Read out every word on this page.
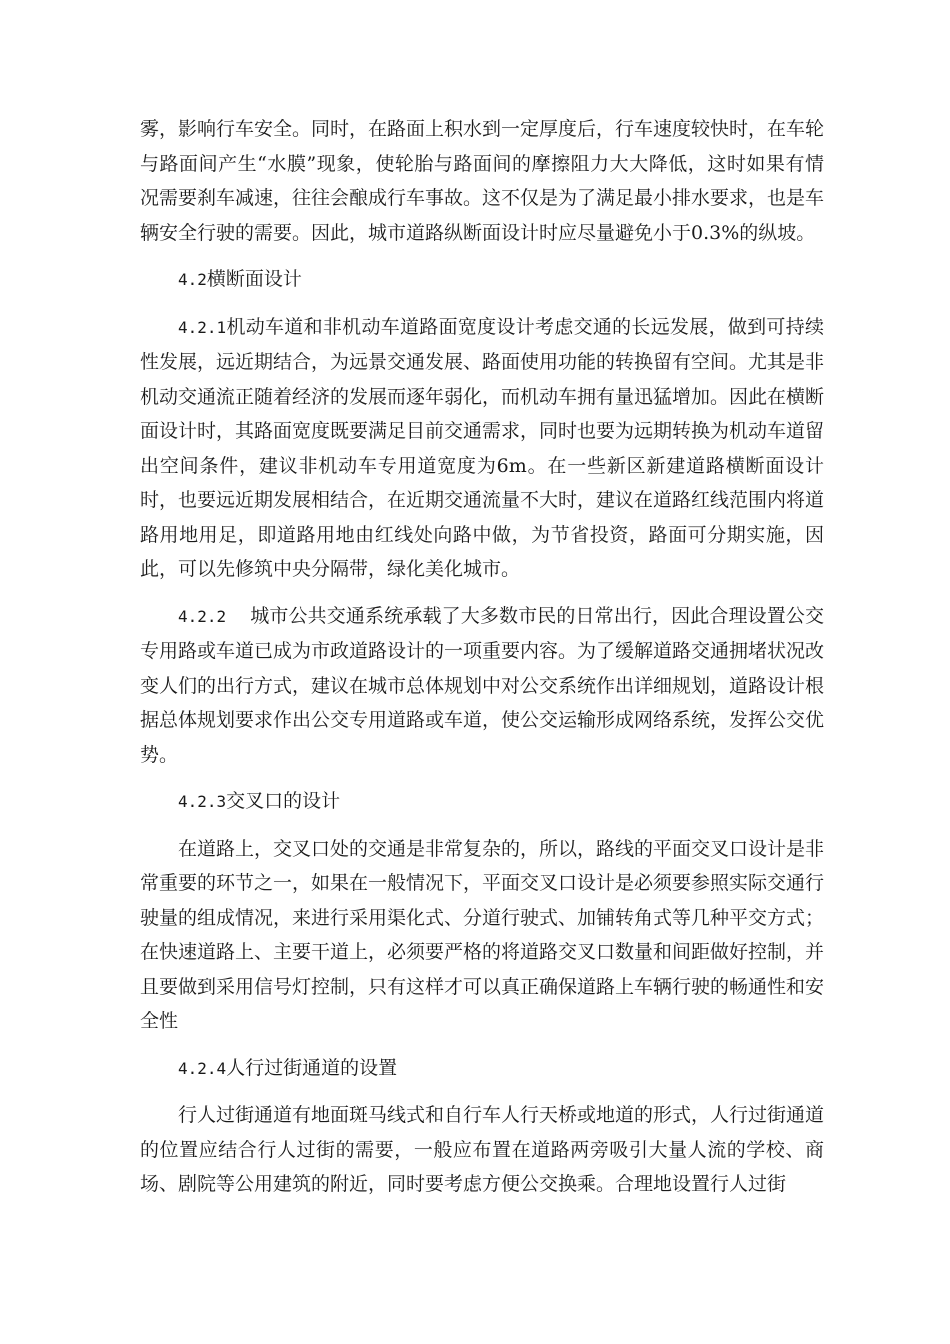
雾，影响行车安全。同时，在路面上积水到一定厚度后，行车速度较快时，在车轮与路面间产生“水膜”现象，使轮胎与路面间的摩擦阻力大大降低，这时如果有情况需要刹车减速，往往会酿成行车事故。这不仅是为了满足最小排水要求，也是车辆安全行驶的需要。因此，城市道路纵断面设计时应尽量避免小于0.3%的纵坡。

4.2横断面设计

4.2.1机动车道和非机动车道路面宽度设计考虑交通的长远发展，做到可持续性发展，远近期结合，为远景交通发展、路面使用功能的转换留有空间。尤其是非机动交通流正随着经济的发展而逐年弱化，而机动车拥有量迅猛增加。因此在横断面设计时，其路面宽度既要满足目前交通需求，同时也要为远期转换为机动车道留出空间条件，建议非机动车专用道宽度为6m。在一些新区新建道路横断面设计时，也要远近期发展相结合，在近期交通流量不大时，建议在道路红线范围内将道路用地用足，即道路用地由红线处向路中做，为节省投资，路面可分期实施，因此，可以先修筑中央分隔带，绿化美化城市。

4.2.2 城市公共交通系统承载了大多数市民的日常出行，因此合理设置公交专用路或车道已成为市政道路设计的一项重要内容。为了缓解道路交通拥堵状况改变人们的出行方式，建议在城市总体规划中对公交系统作出详细规划，道路设计根据总体规划要求作出公交专用道路或车道，使公交运输形成网络系统，发挥公交优势。

4.2.3交叉口的设计

在道路上，交叉口处的交通是非常复杂的，所以，路线的平面交叉口设计是非常重要的环节之一，如果在一般情况下，平面交叉口设计是必须要参照实际交通行驶量的组成情况，来进行采用渠化式、分道行驶式、加铺转角式等几种平交方式；在快速道路上、主要干道上，必须要严格的将道路交叉口数量和间距做好控制，并且要做到采用信号灯控制，只有这样才可以真正确保道路上车辆行驶的畅通性和安全性

4.2.4人行过街通道的设置

行人过街通道有地面斑马线式和自行车人行天桥或地道的形式，人行过街通道的位置应结合行人过街的需要，一般应布置在道路两旁吸引大量人流的学校、商场、剧院等公用建筑的附近，同时要考虑方便公交换乘。合理地设置行人过街
